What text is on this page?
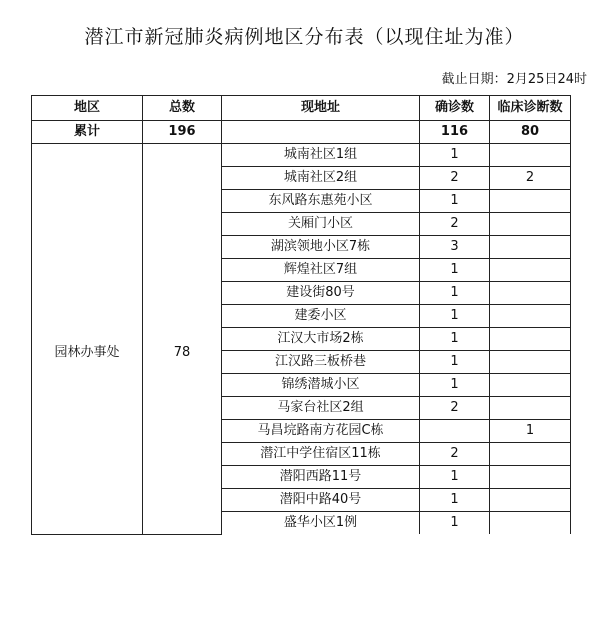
潜江市新冠肺炎病例地区分布表（以现住址为准）
截止日期：2月25日24时
地区	总数	现地址	确诊数	临床诊断数
累计	196		116	80
园林办事处	78	城南社区1组	1	
		城南社区2组	2	2
		东风路东惠苑小区	1	
		关厢门小区	2	
		湖滨领地小区7栋	3	
		辉煌社区7组	1	
		建设街80号	1	
		建委小区	1	
		江汉大市场2栋	1	
		江汉路三板桥巷	1	
		锦绣潜城小区	1	
		马家台社区2组	2	
		马昌垸路南方花园C栋		1
		潜江中学住宿区11栋	2	
		潜阳西路11号	1	
		潜阳中路40号	1	
		盛华小区1例	1	
